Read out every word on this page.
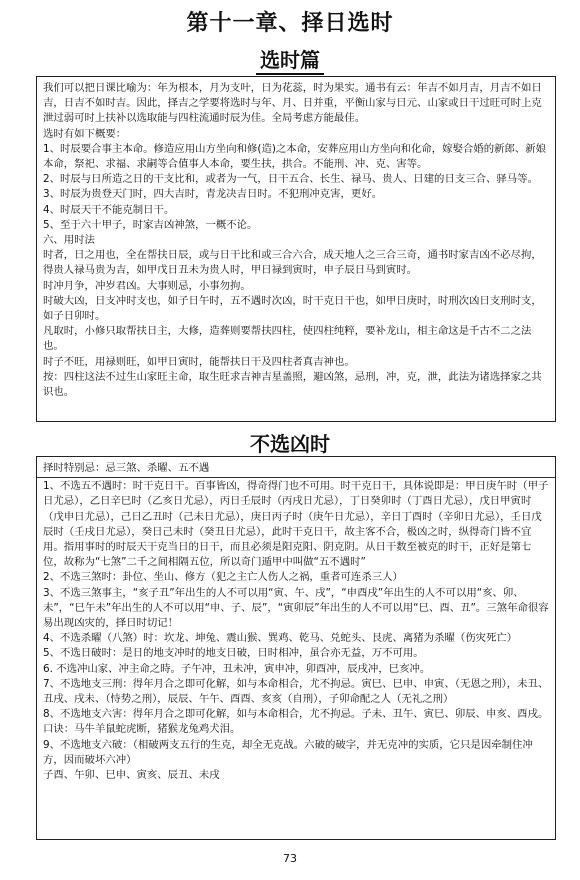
第十一章、择日选时
选时篇

我们可以把日课比喻为：年为根本，月为支叶，日为花蕊，时为果实。通书有云：年吉不如月吉，月吉不如日吉，日吉不如时吉。因此，择吉之学要将选时与年、月、日并重，平衡山家与日元、山家或日干过旺可时上克泄过弱可时上扶补以选取能与四柱流通时辰为佳。全局考虑方能最佳。

选时有如下概要：

1、时辰要合事主本命。修造应用山方坐向和修(造)之本命，安葬应用山方坐向和化命，嫁娶合婚的新郎、新娘本命，祭祀、求福、求嗣等合值事人本命，要生扶，拱合。不能刑、冲、克、害等。

2、时辰与日所造之日的干支比和，或者为一气，日干五合、长生、禄马、贵人、日建的日支三合、驿马等。

3、时辰为贵登天门时，四大吉时，青龙决吉日时。不犯刑冲克害，更好。

4、时辰天干不能克制日干。

5、至于六十甲子，时家吉凶神煞，一概不论。

六、用时法

时者，日之用也，全在帮扶日辰，或与日干比和或三合六合，成天地人之三合三奇，通书时家吉凶不必尽拘，得贵人禄马贵为吉，如甲戊日丑未为贵人时，甲日禄到寅时，申子辰日马到寅时。

时冲月争，冲岁君凶。大事则忌，小事勿拘。

时破大凶，日支冲时支也，如子日午时，五不遇时次凶，时干克日干也，如甲日庚时，时刑次凶日支刑时支，如子日卯时。

凡取时，小修只取帮扶日主，大修，造葬则要帮扶四柱，使四柱纯粹，要补龙山，相主命这是千古不二之法也。

时子不旺，用禄则旺，如甲日寅时，能帮扶日干及四柱者真吉神也。

按：四柱这法不过生山家旺主命，取生旺求吉神吉星盖照，避凶煞，忌刑，冲，克，泄，此法为诸选择家之共识也。

不选凶时

择时特别忌：忌三煞、杀曜、五不遇

1、不选五不遇时：时干克日干。百事皆凶，得奇得门也不可用。时干克日干，具体说即是：甲日庚午时（甲子日尤忌），乙日辛巳时（乙亥日尤忌），丙日壬辰时（丙戌日尤忌），丁日癸卯时（丁酉日尤忌），戊日甲寅时（戊申日尤忌），己日乙丑时（己未日尤忌），庚日丙子时（庚午日尤忌），辛日丁酉时（辛卯日尤忌），壬日戊辰时（壬戌日尤忌），癸日己未时（癸丑日尤忌），此时干克日干，故主客不合，极凶之时，纵得奇门皆不宜用。指用事时的时辰天干克当日的日干，而且必须是阳克阳、阴克阴。从日干数至被克的时干，正好是第七位，故称为“七煞”二千之间相隔五位，所以奇门遁甲中叫做“五不遇时”

2、不选三煞时：卦位、坐山、修方（犯之主亡人伤人之祸，重者可连杀三人）

3、不选三煞事主，“亥子丑”年出生的人不可以用“寅、午、戌”，“申酉戌”年出生的人不可以用“亥、卯、未”，“巳午未”年出生的人不可以用“申、子、辰”，“寅卯辰”年出生的人不可以用“巳、酉、丑”。三煞年命很容易出现凶灾的，择日时切记！

4、不选杀曜（八煞）时：坎龙、坤兔、震山猴、巽鸡、乾马、兑蛇头、艮虎、离猪为杀曜（伤灾死亡）

5、不选日破时：是日的地支冲时的地支日破，日时相冲，虽合亦无益，万不可用。

6. 不选冲山家、冲主命之時。子午冲，丑未冲，寅申冲，卯酉冲，辰戌冲，巳亥冲。

7、不选地支三刑：得年月合之即可化解，如与本命相合，尤不拘忌。寅巳、巳申、申寅、（无恩之刑），未丑、丑戌、戌未、（恃势之刑），辰辰、午午、酉酉、亥亥（自刑），子卯命配之人（无礼之刑）

8、不选地支六害：得年月合之即可化解，如与本命相合，尤不拘忌。子未、丑午、寅巳、卯辰、申亥、酉戌。口诀：马牛羊鼠蛇虎断，猪猴龙兔鸡犬泪。

9、不选地支六破：（相破两支五行的生克，却全无克战。六破的破字，并无克冲的实质，它只是因牵制住冲方，因而破坏六冲）

子酉、午卯、巳申、寅亥、辰丑、未戌

73
